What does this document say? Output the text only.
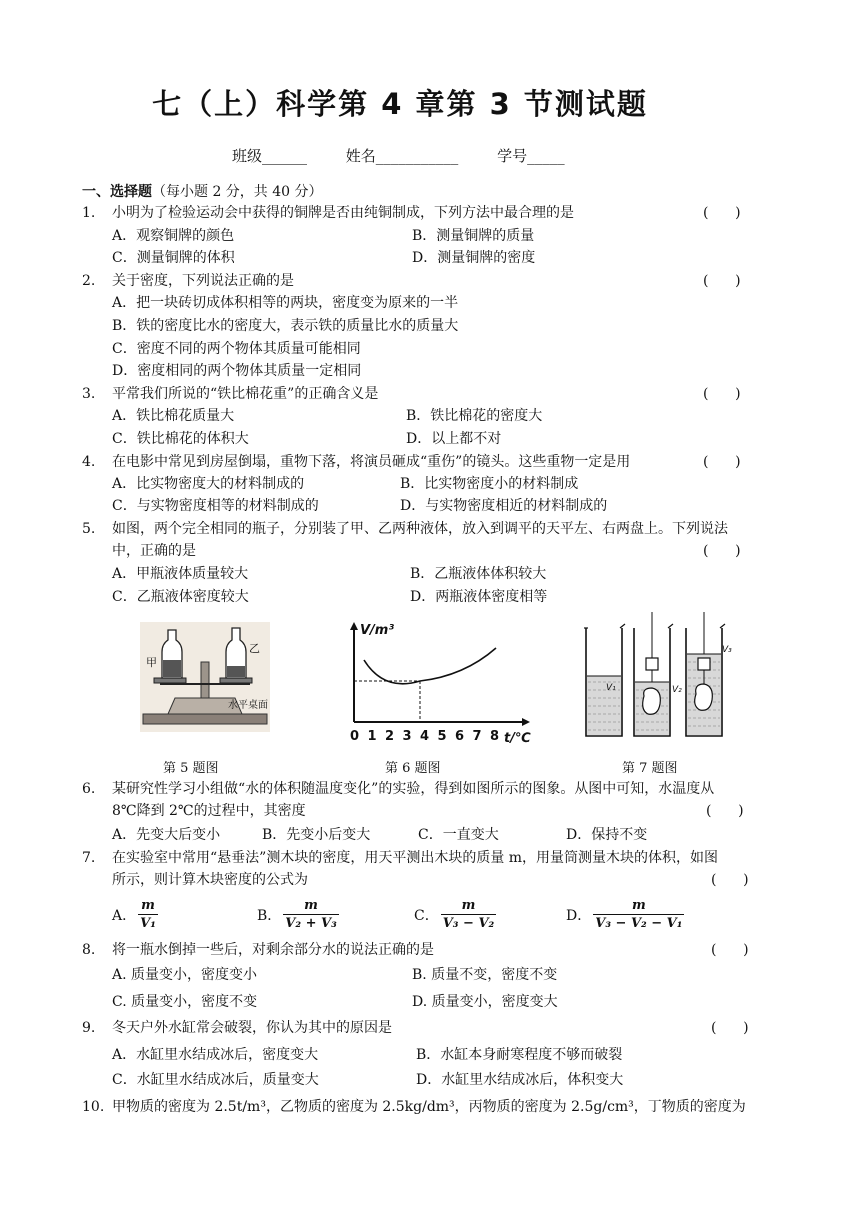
七（上）科学第 4 章第 3 节测试题
班级______	姓名___________	学号_____
一、选择题（每小题 2 分，共 40 分）
1. 小明为了检验运动会中获得的铜牌是否由纯铜制成，下列方法中最合理的是	(      )
A．观察铜牌的颜色	B．测量铜牌的质量
C．测量铜牌的体积	D．测量铜牌的密度
2. 关于密度，下列说法正确的是	(      )
A．把一块砖切成体积相等的两块，密度变为原来的一半
B．铁的密度比水的密度大，表示铁的质量比水的质量大
C．密度不同的两个物体其质量可能相同
D．密度相同的两个物体其质量一定相同
3. 平常我们所说的“铁比棉花重”的正确含义是	(      )
A．铁比棉花质量大	B．铁比棉花的密度大
C．铁比棉花的体积大	D．以上都不对
4. 在电影中常见到房屋倒塌，重物下落，将演员砸成“重伤”的镜头。这些重物一定是用	(      )
A．比实物密度大的材料制成的	B．比实物密度小的材料制成
C．与实物密度相等的材料制成的	D．与实物密度相近的材料制成的
5. 如图，两个完全相同的瓶子，分别装了甲、乙两种液体，放入到调平的天平左、右两盘上。下列说法
中，正确的是	(      )
A．甲瓶液体质量较大	B．乙瓶液体体积较大
C．乙瓶液体密度较大	D．两瓶液体密度相等
甲
乙
水平桌面
第 5 题图
V/m³
t/℃
0 1 2 3 4 5 6 7 8
第 6 题图
V₁	V₂
V₃
第 7 题图
6. 某研究性学习小组做“水的体积随温度变化”的实验，得到如图所示的图象。从图中可知，水温度从
8℃降到 2℃的过程中，其密度	(      )
A．先变大后变小	B．先变小后变大	C．一直变大	D．保持不变
7. 在实验室中常用“悬垂法”测木块的密度，用天平测出木块的质量 m，用量筒测量木块的体积，如图
所示，则计算木块密度的公式为	(      )
A． $\frac{m}{\text{V₁}}$	B． $\frac{m}{\text{V₂ + V₃}}$	C． $\frac{m}{\text{V₃ − V₂}}$	D． $\frac{m}{\text{V₃ − V₂ − V₁}}$
8. 将一瓶水倒掉一些后，对剩余部分水的说法正确的是	(      )
A. 质量变小，密度变小	B. 质量不变，密度不变
C. 质量变小，密度不变	D. 质量变小，密度变大
9. 冬天户外水缸常会破裂，你认为其中的原因是	(      )
A．水缸里水结成冰后，密度变大	B．水缸本身耐寒程度不够而破裂
C．水缸里水结成冰后，质量变大	D．水缸里水结成冰后，体积变大
10. 甲物质的密度为 2.5t/m³，乙物质的密度为 2.5kg/dm³，丙物质的密度为 2.5g/cm³，丁物质的密度为
